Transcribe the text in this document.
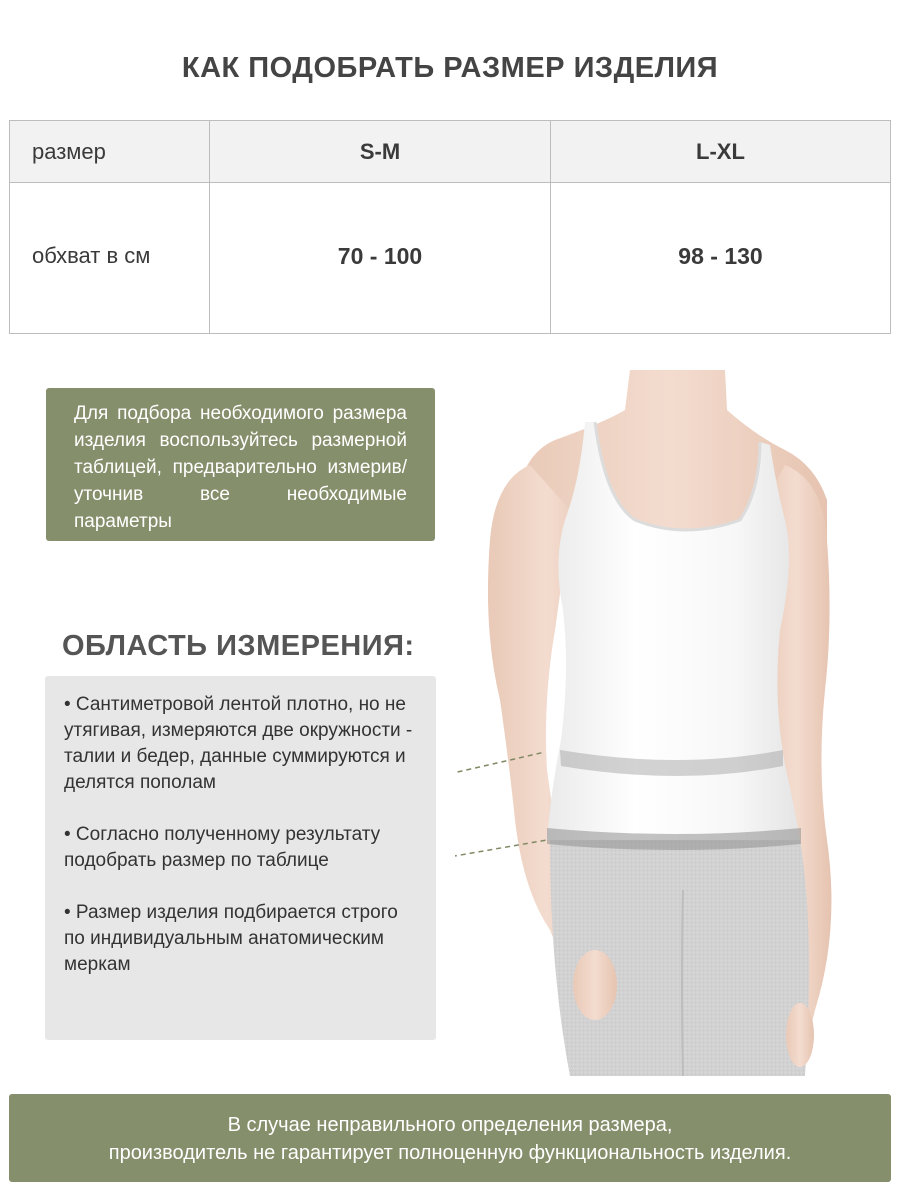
КАК ПОДОБРАТЬ РАЗМЕР ИЗДЕЛИЯ
размер	S-M	L-XL
обхват в см	70 - 100	98 - 130

Для подбора необходимого размера изделия воспользуйтесь размерной таблицей, предварительно измерив/ уточнив все необходимые параметры

ОБЛАСТЬ ИЗМЕРЕНИЯ:

• Сантиметровой лентой плотно, но не утягивая, измеряются две окружности - талии и бедер, данные суммируются и делятся пополам

• Согласно полученному результату подобрать размер по таблице

• Размер изделия подбирается строго по индивидуальным анатомическим меркам

В случае неправильного определения размера,
производитель не гарантирует полноценную функциональность изделия.
